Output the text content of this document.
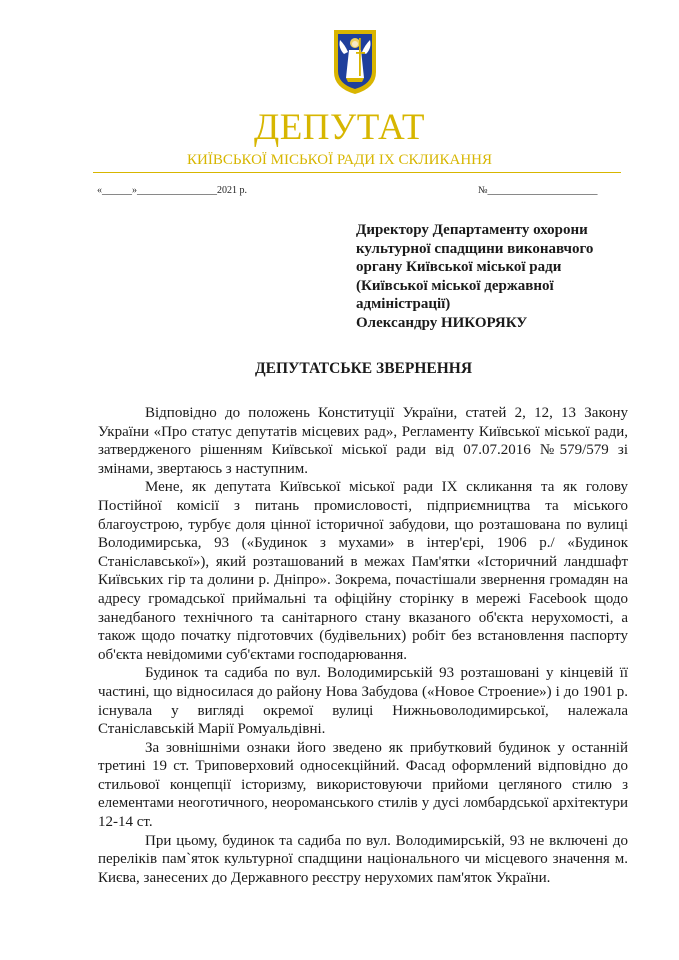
ДЕПУТАТ
КИЇВСЬКОЇ МІСЬКОЇ РАДИ IX СКЛИКАННЯ
«______»________________2021 р.	№______________________
Директору Департаменту охорони
культурної спадщини виконавчого
органу Київської міської ради
(Київської міської державної
адміністрації)
Олександру НИКОРЯКУ
ДЕПУТАТСЬКЕ ЗВЕРНЕННЯ

Відповідно до положень Конституції України, статей 2, 12, 13 Закону України «Про статус депутатів місцевих рад», Регламенту Київської міської ради, затвердженого рішенням Київської міської ради від 07.07.2016 №579/579 зі змінами, звертаюсь з наступним.

Мене, як депутата Київської міської ради IX скликання та як голову Постійної комісії з питань промисловості, підприємництва та міського благоустрою, турбує доля цінної історичної забудови, що розташована по вулиці Володимирська, 93 («Будинок з мухами» в інтер'єрі, 1906 р./ «Будинок Станіславської»), який розташований в межах Пам'ятки «Історичний ландшафт Київських гір та долини р. Дніпро». Зокрема, почастішали звернення громадян на адресу громадської приймальні та офіційну сторінку в мережі Facebook щодо занедбаного технічного та санітарного стану вказаного об'єкта нерухомості, а також щодо початку підготовчих (будівельних) робіт без встановлення паспорту об'єкта невідомими суб'єктами господарювання.

Будинок та садиба по вул. Володимирській 93 розташовані у кінцевій її частині, що відносилася до району Нова Забудова («Новое Строение») і до 1901 р. існувала у вигляді окремої вулиці Нижньоволодимирської, належала Станіславській Марії Ромуальдівні.

За зовнішніми ознаки його зведено як прибутковий будинок у останній третині 19 ст. Триповерховий односекційний. Фасад оформлений відповідно до стильової концепції історизму, використовуючи прийоми цегляного стилю з елементами неоготичного, неороманського стилів у дусі ломбардської архітектури 12-14 ст.

При цьому, будинок та садиба по вул. Володимирській, 93 не включені до переліків пам`яток культурної спадщини національного чи місцевого значення м. Києва, занесених до Державного реєстру нерухомих пам'яток України.
